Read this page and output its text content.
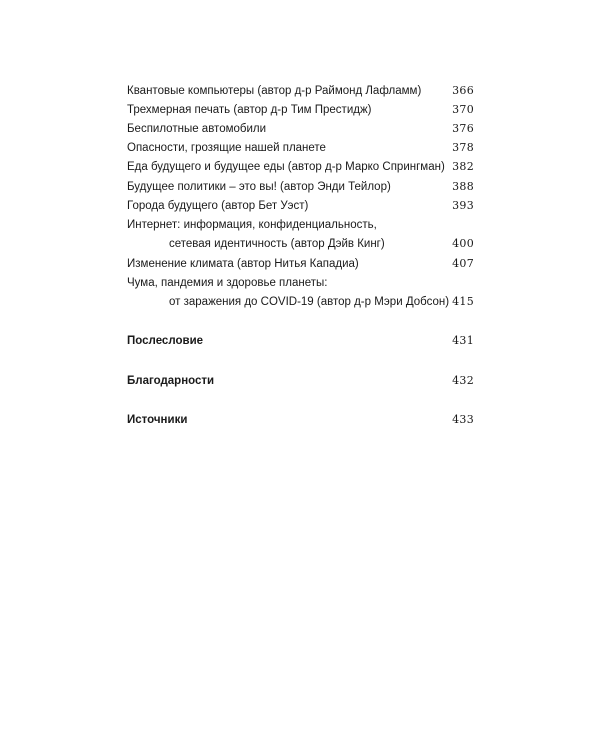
Квантовые компьютеры (автор д-р Раймонд Лафламм)	366
Трехмерная печать (автор д-р Тим Престидж)	370
Беспилотные автомобили	376
Опасности, грозящие нашей планете	378
Еда будущего и будущее еды (автор д-р Марко Спрингман) 382
Будущее политики – это вы! (автор Энди Тейлор)	388
Города будущего (автор Бет Уэст)	393
Интернет: информация, конфиденциальность,
сетевая идентичность (автор Дэйв Кинг)	400
Изменение климата (автор Нитья Кападиа)	407
Чума, пандемия и здоровье планеты:
от заражения до COVID-19 (автор д-р Мэри Добсон) 415
Послесловие	431
Благодарности	432
Источники	433
